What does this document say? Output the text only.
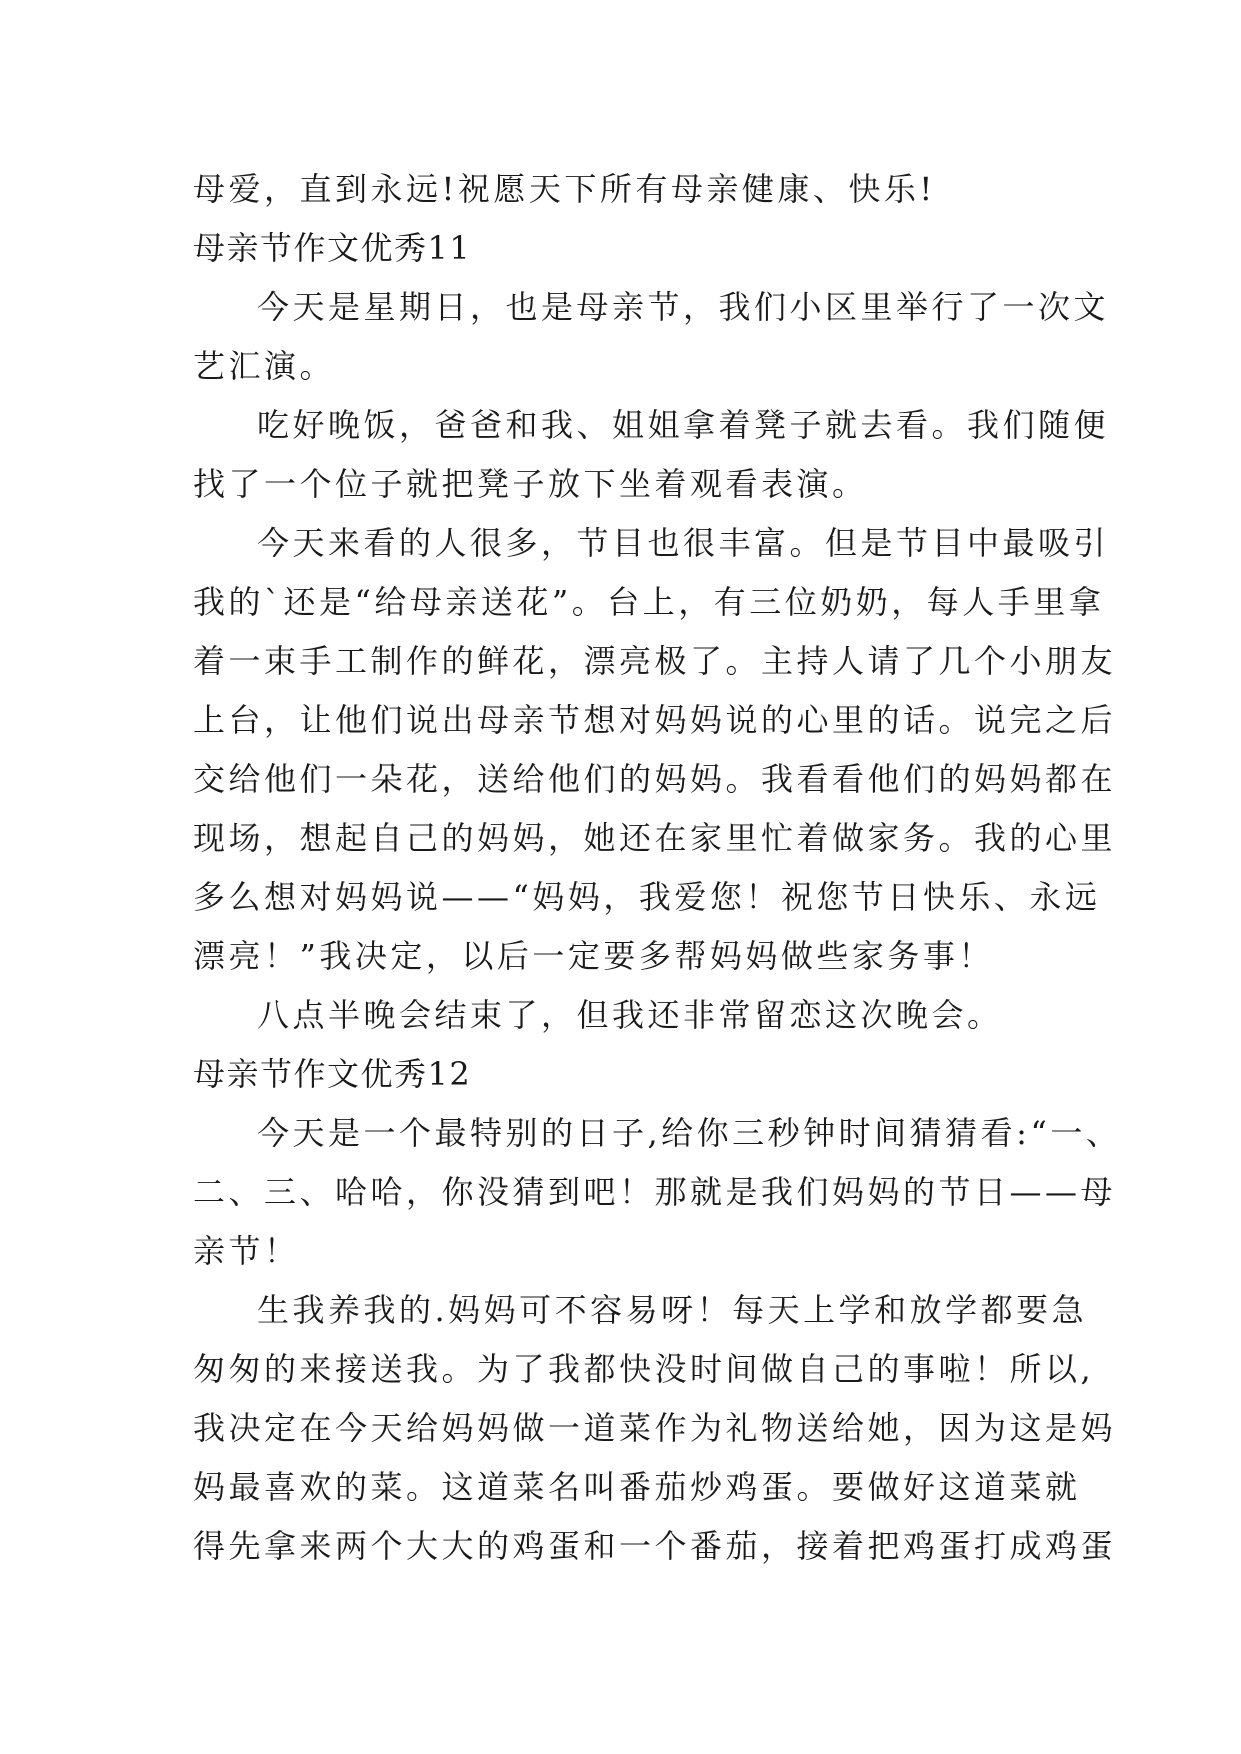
母爱，直到永远!祝愿天下所有母亲健康、快乐!
母亲节作文优秀11
今天是星期日，也是母亲节，我们小区里举行了一次文
艺汇演。
吃好晚饭，爸爸和我、姐姐拿着凳子就去看。我们随便
找了一个位子就把凳子放下坐着观看表演。
今天来看的人很多，节目也很丰富。但是节目中最吸引
我的`还是“给母亲送花”。台上，有三位奶奶，每人手里拿
着一束手工制作的鲜花，漂亮极了。主持人请了几个小朋友
上台，让他们说出母亲节想对妈妈说的心里的话。说完之后
交给他们一朵花，送给他们的妈妈。我看看他们的妈妈都在
现场，想起自己的妈妈，她还在家里忙着做家务。我的心里
多么想对妈妈说——“妈妈，我爱您！祝您节日快乐、永远
漂亮！”我决定，以后一定要多帮妈妈做些家务事！
八点半晚会结束了，但我还非常留恋这次晚会。
母亲节作文优秀12
今天是一个最特别的日子,给你三秒钟时间猜猜看:“一、
二、三、哈哈，你没猜到吧！那就是我们妈妈的节日——母
亲节！
生我养我的.妈妈可不容易呀！每天上学和放学都要急
匆匆的来接送我。为了我都快没时间做自己的事啦！所以,
我决定在今天给妈妈做一道菜作为礼物送给她，因为这是妈
妈最喜欢的菜。这道菜名叫番茄炒鸡蛋。要做好这道菜就
得先拿来两个大大的鸡蛋和一个番茄，接着把鸡蛋打成鸡蛋
